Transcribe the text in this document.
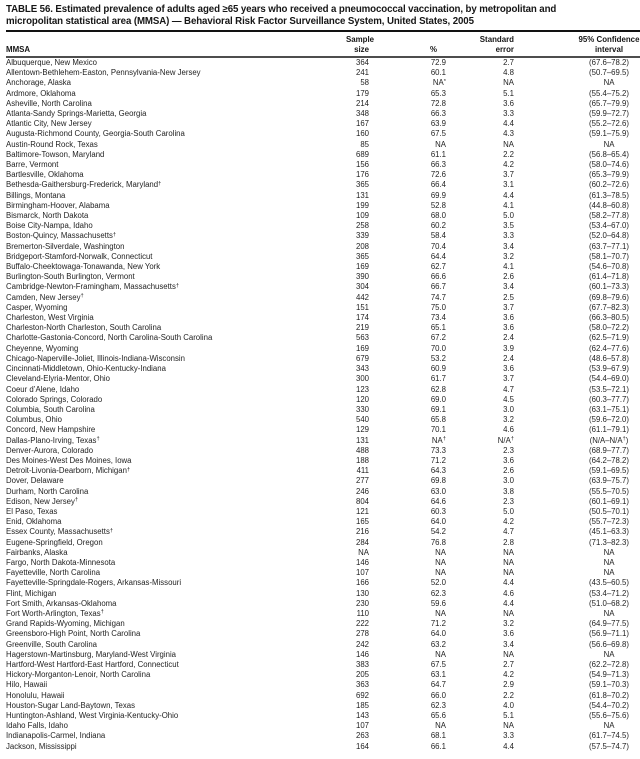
TABLE 56. Estimated prevalence of adults aged ≥65 years who received a pneumococcal vaccination, by metropolitan and
micropolitan statistical area (MMSA) — Behavioral Risk Factor Surveillance System, United States, 2005
MMSA	Sample
size	%	Standard
error	95% Confidence
interval

Albuquerque, New Mexico	364	72.9	2.7	(67.6–78.2)
Allentown-Bethlehem-Easton, Pennsylvania-New Jersey	241	60.1	4.8	(50.7–69.5)
Anchorage, Alaska	58	NA*	NA	NA
Ardmore, Oklahoma	179	65.3	5.1	(55.4–75.2)
Asheville, North Carolina	214	72.8	3.6	(65.7–79.9)
Atlanta-Sandy Springs-Marietta, Georgia	348	66.3	3.3	(59.9–72.7)
Atlantic City, New Jersey	167	63.9	4.4	(55.2–72.6)
Augusta-Richmond County, Georgia-South Carolina	160	67.5	4.3	(59.1–75.9)
Austin-Round Rock, Texas	85	NA	NA	NA
Baltimore-Towson, Maryland	689	61.1	2.2	(56.8–65.4)
Barre, Vermont	156	66.3	4.2	(58.0–74.6)
Bartlesville, Oklahoma	176	72.6	3.7	(65.3–79.9)
Bethesda-Gaithersburg-Frederick, Maryland†	365	66.4	3.1	(60.2–72.6)
Billings, Montana	131	69.9	4.4	(61.3–78.5)
Birmingham-Hoover, Alabama	199	52.8	4.1	(44.8–60.8)
Bismarck, North Dakota	109	68.0	5.0	(58.2–77.8)
Boise City-Nampa, Idaho	258	60.2	3.5	(53.4–67.0)
Boston-Quincy, Massachusetts†	339	58.4	3.3	(52.0–64.8)
Bremerton-Silverdale, Washington	208	70.4	3.4	(63.7–77.1)
Bridgeport-Stamford-Norwalk, Connecticut	365	64.4	3.2	(58.1–70.7)
Buffalo-Cheektowaga-Tonawanda, New York	169	62.7	4.1	(54.6–70.8)
Burlington-South Burlington, Vermont	390	66.6	2.6	(61.4–71.8)
Cambridge-Newton-Framingham, Massachusetts†	304	66.7	3.4	(60.1–73.3)
Camden, New Jersey†	442	74.7	2.5	(69.8–79.6)
Casper, Wyoming	151	75.0	3.7	(67.7–82.3)
Charleston, West Virginia	174	73.4	3.6	(66.3–80.5)
Charleston-North Charleston, South Carolina	219	65.1	3.6	(58.0–72.2)
Charlotte-Gastonia-Concord, North Carolina-South Carolina	563	67.2	2.4	(62.5–71.9)
Cheyenne, Wyoming	169	70.0	3.9	(62.4–77.6)
Chicago-Naperville-Joliet, Illinois-Indiana-Wisconsin	679	53.2	2.4	(48.6–57.8)
Cincinnati-Middletown, Ohio-Kentucky-Indiana	343	60.9	3.6	(53.9–67.9)
Cleveland-Elyria-Mentor, Ohio	300	61.7	3.7	(54.4–69.0)
Coeur d’Alene, Idaho	123	62.8	4.7	(53.5–72.1)
Colorado Springs, Colorado	120	69.0	4.5	(60.3–77.7)
Columbia, South Carolina	330	69.1	3.0	(63.1–75.1)
Columbus, Ohio	540	65.8	3.2	(59.6–72.0)
Concord, New Hampshire	129	70.1	4.6	(61.1–79.1)
Dallas-Plano-Irving, Texas†	131	NA†	N/A†	(N/A–N/A†)
Denver-Aurora, Colorado	488	73.3	2.3	(68.9–77.7)
Des Moines-West Des Moines, Iowa	188	71.2	3.6	(64.2–78.2)
Detroit-Livonia-Dearborn, Michigan†	411	64.3	2.6	(59.1–69.5)
Dover, Delaware	277	69.8	3.0	(63.9–75.7)
Durham, North Carolina	246	63.0	3.8	(55.5–70.5)
Edison, New Jersey†	804	64.6	2.3	(60.1–69.1)
El Paso, Texas	121	60.3	5.0	(50.5–70.1)
Enid, Oklahoma	165	64.0	4.2	(55.7–72.3)
Essex County, Massachusetts†	216	54.2	4.7	(45.1–63.3)
Eugene-Springfield, Oregon	284	76.8	2.8	(71.3–82.3)
Fairbanks, Alaska	NA	NA	NA	NA
Fargo, North Dakota-Minnesota	146	NA	NA	NA
Fayetteville, North Carolina	107	NA	NA	NA
Fayetteville-Springdale-Rogers, Arkansas-Missouri	166	52.0	4.4	(43.5–60.5)
Flint, Michigan	130	62.3	4.6	(53.4–71.2)
Fort Smith, Arkansas-Oklahoma	230	59.6	4.4	(51.0–68.2)
Fort Worth-Arlington, Texas†	110	NA	NA	NA
Grand Rapids-Wyoming, Michigan	222	71.2	3.2	(64.9–77.5)
Greensboro-High Point, North Carolina	278	64.0	3.6	(56.9–71.1)
Greenville, South Carolina	242	63.2	3.4	(56.6–69.8)
Hagerstown-Martinsburg, Maryland-West Virginia	146	NA	NA	NA
Hartford-West Hartford-East Hartford, Connecticut	383	67.5	2.7	(62.2–72.8)
Hickory-Morganton-Lenoir, North Carolina	205	63.1	4.2	(54.9–71.3)
Hilo, Hawaii	363	64.7	2.9	(59.1–70.3)
Honolulu, Hawaii	692	66.0	2.2	(61.8–70.2)
Houston-Sugar Land-Baytown, Texas	185	62.3	4.0	(54.4–70.2)
Huntington-Ashland, West Virginia-Kentucky-Ohio	143	65.6	5.1	(55.6–75.6)
Idaho Falls, Idaho	107	NA	NA	NA
Indianapolis-Carmel, Indiana	263	68.1	3.3	(61.7–74.5)
Jackson, Mississippi	164	66.1	4.4	(57.5–74.7)
